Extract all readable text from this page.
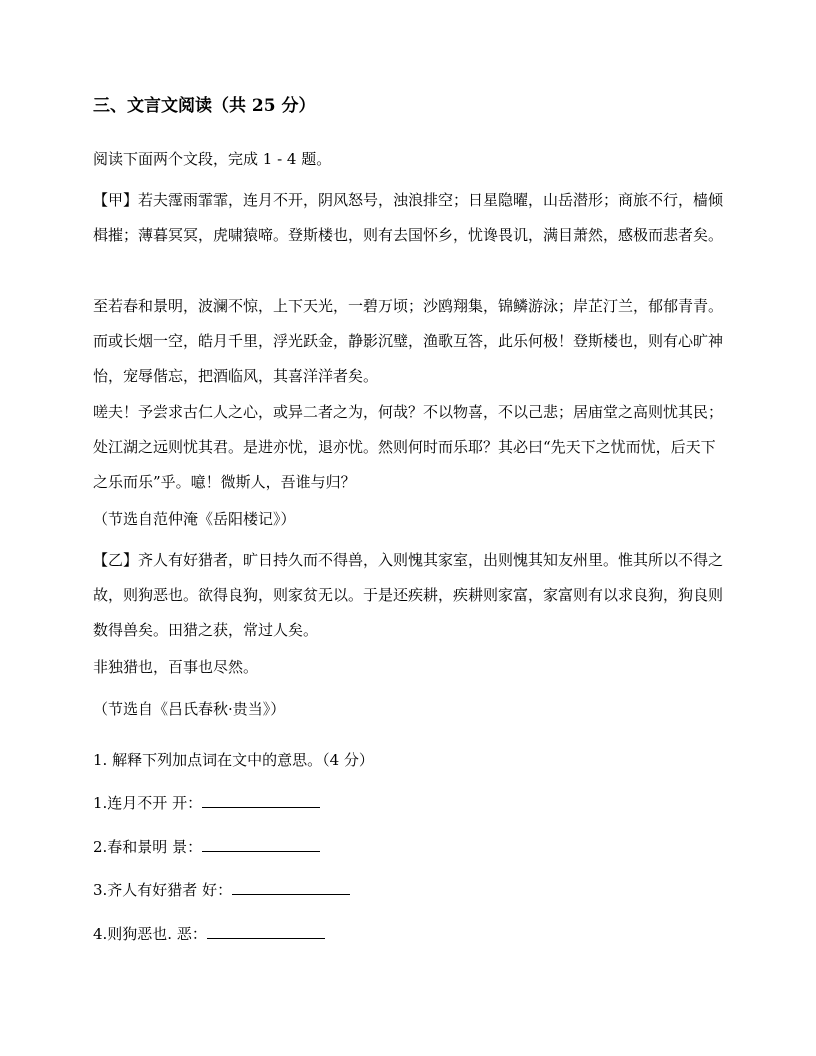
三、文言文阅读（共 25 分）

阅读下面两个文段，完成 1 - 4 题。

【甲】若夫霪雨霏霏，连月不开，阴风怒号，浊浪排空；日星隐曜，山岳潜形；商旅不行，樯倾楫摧；薄暮冥冥，虎啸猿啼。登斯楼也，则有去国怀乡，忧谗畏讥，满目萧然，感极而悲者矣。

至若春和景明，波澜不惊，上下天光，一碧万顷；沙鸥翔集，锦鳞游泳；岸芷汀兰，郁郁青青。而或长烟一空，皓月千里，浮光跃金，静影沉璧，渔歌互答，此乐何极！登斯楼也，则有心旷神怡，宠辱偕忘，把酒临风，其喜洋洋者矣。

嗟夫！予尝求古仁人之心，或异二者之为，何哉？不以物喜，不以己悲；居庙堂之高则忧其民；处江湖之远则忧其君。是进亦忧，退亦忧。然则何时而乐耶？其必曰“先天下之忧而忧，后天下之乐而乐”乎。噫！微斯人，吾谁与归？

（节选自范仲淹《岳阳楼记》）

【乙】齐人有好猎者，旷日持久而不得兽，入则愧其家室，出则愧其知友州里。惟其所以不得之故，则狗恶也。欲得良狗，则家贫无以。于是还疾耕，疾耕则家富，家富则有以求良狗，狗良则数得兽矣。田猎之获，常过人矣。

非独猎也，百事也尽然。

（节选自《吕氏春秋·贵当》）

1. 解释下列加点词在文中的意思。（4 分）

1.连月不开 开：
2.春和景明 景：
3.齐人有好猎者 好：
4.则狗恶也. 恶：
